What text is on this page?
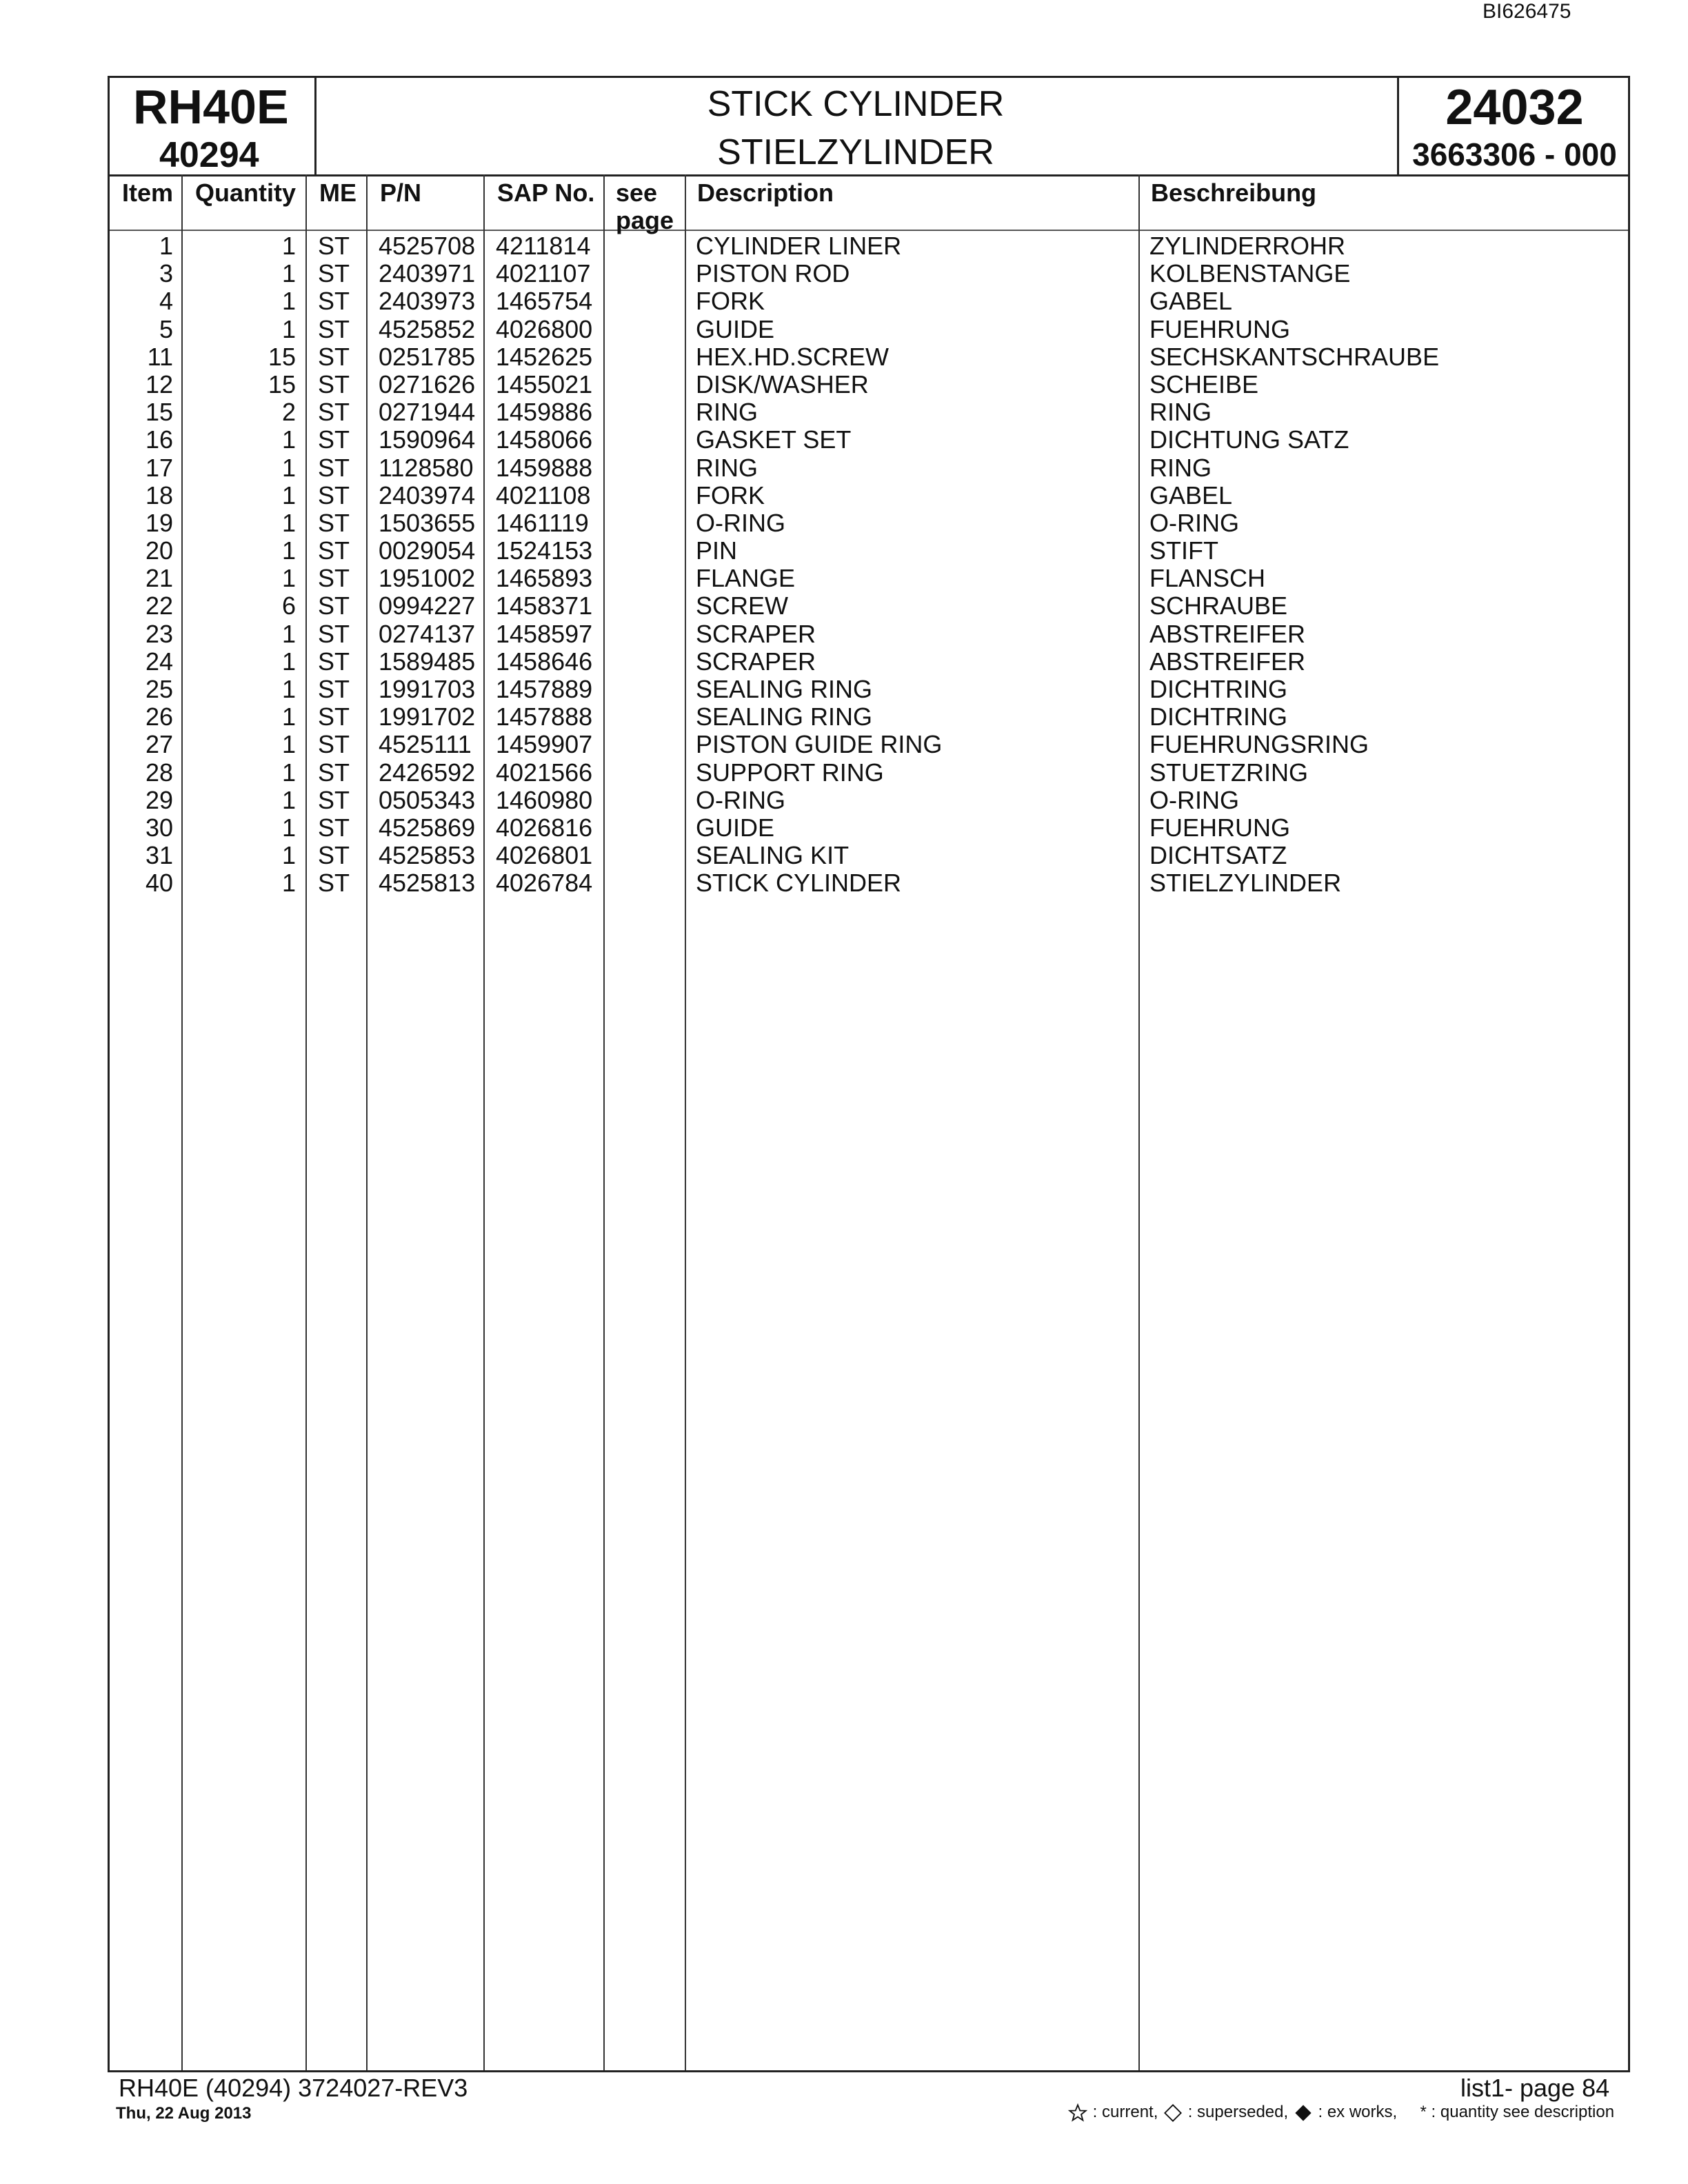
BI626475
RH40E
40294
STICK CYLINDER
STIELZYLINDER
24032
3663306 - 000
Item Quantity ME P/N	SAP No. see
page
Description	Beschreibung
1	1 ST 4525708 4211814	CYLINDER LINER	ZYLINDERROHR
3	1 ST 2403971 4021107	PISTON ROD	KOLBENSTANGE
4	1 ST 2403973 1465754	FORK	GABEL
5	1 ST 4525852 4026800	GUIDE	FUEHRUNG
11	15 ST 0251785 1452625	HEX.HD.SCREW	SECHSKANTSCHRAUBE
12	15 ST 0271626 1455021	DISK/WASHER	SCHEIBE
15	2 ST 0271944 1459886	RING	RING
16	1 ST 1590964 1458066	GASKET SET	DICHTUNG SATZ
17	1 ST 1128580 1459888	RING	RING
18	1 ST 2403974 4021108	FORK	GABEL
19	1 ST 1503655 1461119	O-RING	O-RING
20	1 ST 0029054 1524153	PIN	STIFT
21	1 ST 1951002 1465893	FLANGE	FLANSCH
22	6 ST 0994227 1458371	SCREW	SCHRAUBE
23	1 ST 0274137 1458597	SCRAPER	ABSTREIFER
24	1 ST 1589485 1458646	SCRAPER	ABSTREIFER
25	1 ST 1991703 1457889	SEALING RING	DICHTRING
26	1 ST 1991702 1457888	SEALING RING	DICHTRING
27	1 ST 4525111 1459907	PISTON GUIDE RING	FUEHRUNGSRING
28	1 ST 2426592 4021566	SUPPORT RING	STUETZRING
29	1 ST 0505343 1460980	O-RING	O-RING
30	1 ST 4525869 4026816	GUIDE	FUEHRUNG
31	1 ST 4525853 4026801	SEALING KIT	DICHTSATZ
40	1 ST 4525813 4026784	STICK CYLINDER	STIELZYLINDER
RH40E (40294) 3724027-REV3
Thu, 22 Aug 2013
list1- page 84
: current, : superseded, : ex works, * : quantity see description
